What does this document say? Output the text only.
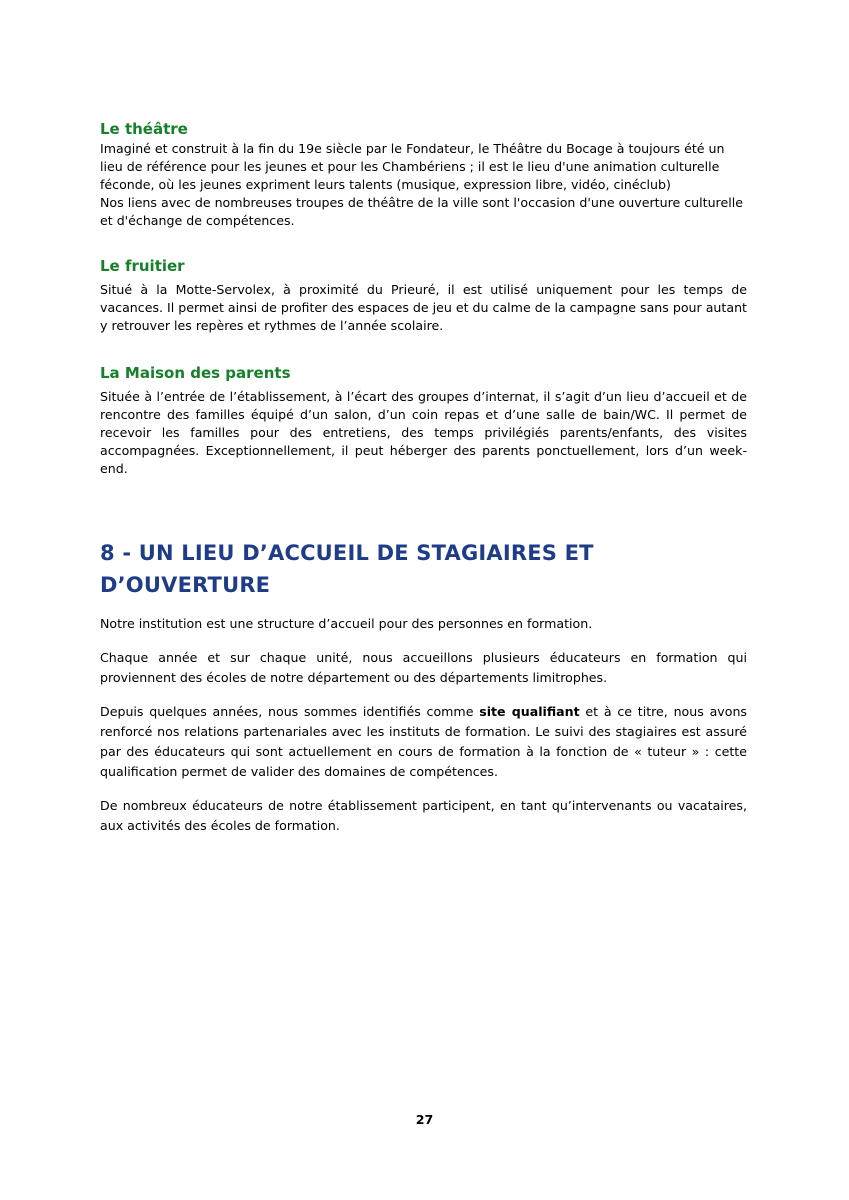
Le théâtre

Imaginé et construit à la fin du 19e siècle par le Fondateur, le Théâtre du Bocage à toujours été un
lieu de référence pour les jeunes et pour les Chambériens ; il est le lieu d'une animation culturelle
féconde, où les jeunes expriment leurs talents (musique, expression libre, vidéo, cinéclub)
Nos liens avec de nombreuses troupes de théâtre de la ville sont l'occasion d'une ouverture culturelle
et d'échange de compétences.

Le fruitier

Situé à la Motte-Servolex, à proximité du Prieuré, il est utilisé uniquement pour les temps de vacances. Il permet ainsi de profiter des espaces de jeu et du calme de la campagne sans pour autant y retrouver les repères et rythmes de l’année scolaire.

La Maison des parents

Située à l’entrée de l’établissement, à l’écart des groupes d’internat, il s’agit d’un lieu d’accueil et de rencontre des familles équipé d’un salon, d’un coin repas et d’une salle de bain/WC. Il permet de recevoir les familles pour des entretiens, des temps privilégiés parents/enfants, des visites accompagnées. Exceptionnellement, il peut héberger des parents ponctuellement, lors d’un week-end.

8 - UN LIEU D’ACCUEIL DE STAGIAIRES ET
D’OUVERTURE

Notre institution est une structure d’accueil pour des personnes en formation.

Chaque année et sur chaque unité, nous accueillons plusieurs éducateurs en formation qui proviennent des écoles de notre département ou des départements limitrophes.

Depuis quelques années, nous sommes identifiés comme site qualifiant et à ce titre, nous avons renforcé nos relations partenariales avec les instituts de formation. Le suivi des stagiaires est assuré par des éducateurs qui sont actuellement en cours de formation à la fonction de « tuteur » : cette qualification permet de valider des domaines de compétences.

De nombreux éducateurs de notre établissement participent, en tant qu’intervenants ou vacataires, aux activités des écoles de formation.

27
